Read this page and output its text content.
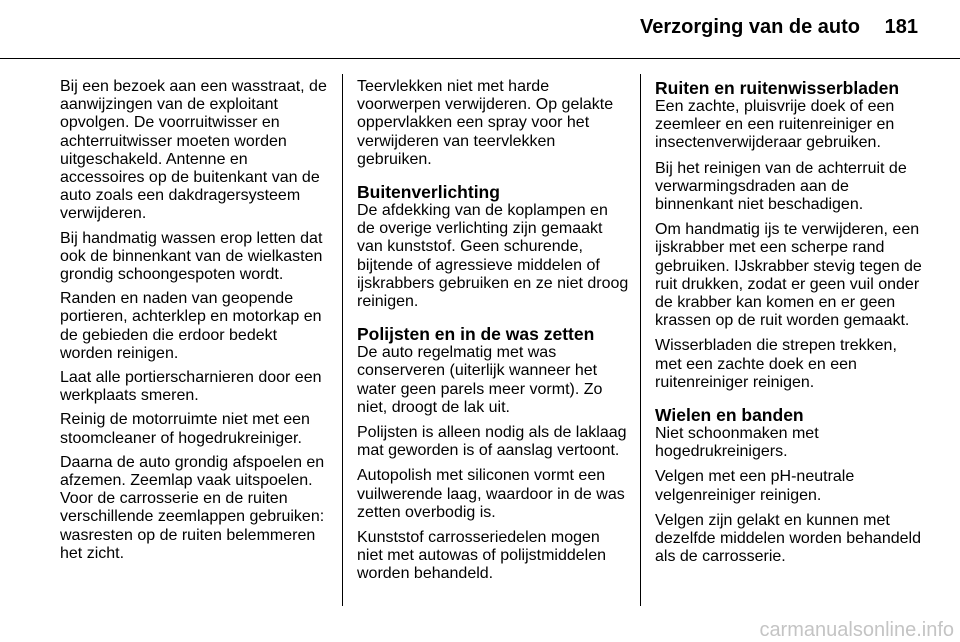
Verzorging van de auto 181

Bij een bezoek aan een wasstraat, de aanwijzingen van de exploitant opvolgen. De voorruitwisser en achterruitwisser moeten worden uitgeschakeld. Antenne en accessoires op de buitenkant van de auto zoals een dakdragersysteem verwijderen.

Bij handmatig wassen erop letten dat ook de binnenkant van de wielkasten grondig schoongespoten wordt.

Randen en naden van geopende portieren, achterklep en motorkap en de gebieden die erdoor bedekt worden reinigen.

Laat alle portierscharnieren door een werkplaats smeren.

Reinig de motorruimte niet met een stoomcleaner of hogedrukreiniger.

Daarna de auto grondig afspoelen en afzemen. Zeemlap vaak uitspoelen. Voor de carrosserie en de ruiten verschillende zeemlappen gebruiken: wasresten op de ruiten belemmeren het zicht.

Teervlekken niet met harde voorwerpen verwijderen. Op gelakte oppervlakken een spray voor het verwijderen van teervlekken gebruiken.

Buitenverlichting

De afdekking van de koplampen en de overige verlichting zijn gemaakt van kunststof. Geen schurende, bijtende of agressieve middelen of ijskrabbers gebruiken en ze niet droog reinigen.

Polijsten en in de was zetten

De auto regelmatig met was conserveren (uiterlijk wanneer het water geen parels meer vormt). Zo niet, droogt de lak uit.

Polijsten is alleen nodig als de laklaag mat geworden is of aanslag vertoont.

Autopolish met siliconen vormt een vuilwerende laag, waardoor in de was zetten overbodig is.

Kunststof carrosseriedelen mogen niet met autowas of polijstmiddelen worden behandeld.

Ruiten en ruitenwisserbladen

Een zachte, pluisvrije doek of een zeemleer en een ruitenreiniger en insectenverwijderaar gebruiken.

Bij het reinigen van de achterruit de verwarmingsdraden aan de binnenkant niet beschadigen.

Om handmatig ijs te verwijderen, een ijskrabber met een scherpe rand gebruiken. IJskrabber stevig tegen de ruit drukken, zodat er geen vuil onder de krabber kan komen en er geen krassen op de ruit worden gemaakt.

Wisserbladen die strepen trekken, met een zachte doek en een ruitenreiniger reinigen.

Wielen en banden

Niet schoonmaken met hogedrukreinigers.

Velgen met een pH-neutrale velgenreiniger reinigen.

Velgen zijn gelakt en kunnen met dezelfde middelen worden behandeld als de carrosserie.

carmanualsonline.info
